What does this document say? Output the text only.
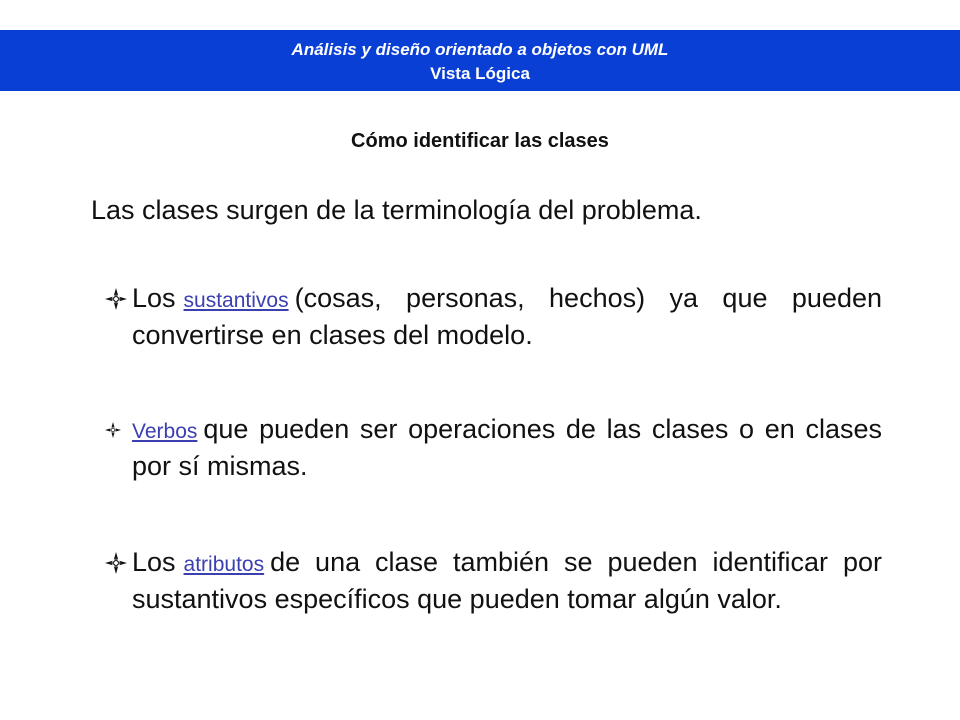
Análisis y diseño orientado a objetos con UML
Vista Lógica
Cómo identificar las clases
Las clases surgen de la terminología del problema.
Los sustantivos (cosas, personas, hechos) ya que pueden convertirse en clases del modelo.
Verbos que pueden ser operaciones de las clases o en clases por sí mismas.
Los atributos de una clase también se pueden identificar por sustantivos específicos que pueden tomar algún valor.
